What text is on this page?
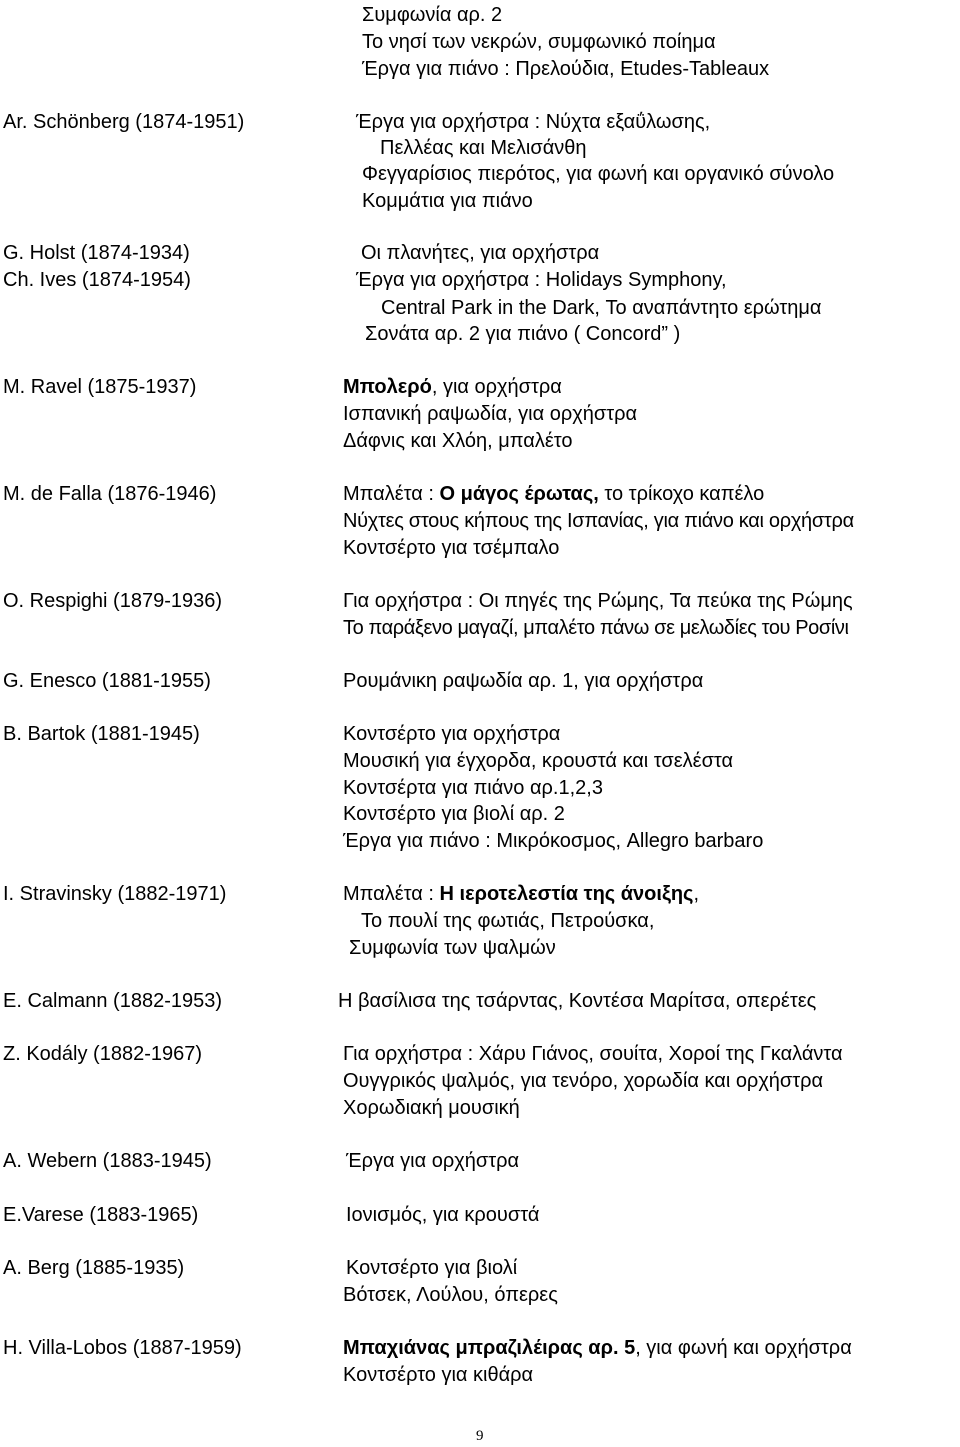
Συμφωνία αρ. 2
Το νησί των νεκρών, συμφωνικό ποίημα
Έργα για πιάνο : Πρελούδια, Etudes-Tableaux
Ar. Schönberg (1874-1951)	Έργα για ορχήστρα : Νύχτα εξαΰλωσης,
Πελλέας και Μελισάνθη
Φεγγαρίσιος πιερότος, για φωνή και οργανικό σύνολο
Κομμάτια για πιάνο
G. Holst (1874-1934)	Οι πλανήτες, για ορχήστρα
Ch. Ives (1874-1954)	Έργα για ορχήστρα : Holidays Symphony,
Central Park in the Dark, Το αναπάντητο ερώτημα
Σονάτα αρ. 2 για πιάνο ( Concord” )
M. Ravel (1875-1937)	Μπολερό, για ορχήστρα
Ισπανική ραψωδία, για ορχήστρα
Δάφνις και Χλόη, μπαλέτο
M. de Falla (1876-1946)	Μπαλέτα : Ο μάγος έρωτας, το τρίκοχο καπέλο
Νύχτες στους κήπους της Ισπανίας, για πιάνο και ορχήστρα
Κοντσέρτο για τσέμπαλο
O. Respighi (1879-1936)	Για ορχήστρα : Οι πηγές της Ρώμης, Τα πεύκα της Ρώμης
Το παράξενο μαγαζί, μπαλέτο πάνω σε μελωδίες του Ροσίνι
G. Enesco (1881-1955)	Ρουμάνικη ραψωδία αρ. 1, για ορχήστρα
B. Bartok (1881-1945)	Κοντσέρτο για ορχήστρα
Μουσική για έγχορδα, κρουστά και τσελέστα
Κοντσέρτα για πιάνο αρ.1,2,3
Κοντσέρτο για βιολί αρ. 2
Έργα για πιάνο : Μικρόκοσμος, Allegro barbaro
I. Stravinsky (1882-1971)	Μπαλέτα : Η ιεροτελεστία της άνοιξης,
Το πουλί της φωτιάς, Πετρούσκα,
Συμφωνία των ψαλμών
E. Calmann (1882-1953)	Η βασίλισα της τσάρντας, Κοντέσα Μαρίτσα, οπερέτες
Z. Kodály (1882-1967)	Για ορχήστρα : Χάρυ Γιάνος, σουίτα, Χοροί της Γκαλάντα
Ουγγρικός ψαλμός, για τενόρο, χορωδία και ορχήστρα
Χορωδιακή μουσική
A. Webern (1883-1945)	Έργα για ορχήστρα
E.Varese (1883-1965)	Ιονισμός, για κρουστά
A. Berg (1885-1935)	Κοντσέρτο για βιολί
Βότσεκ, Λούλου, όπερες
H. Villa-Lobos (1887-1959)	Μπαχιάνας μπραζιλέιρας αρ. 5, για φωνή και ορχήστρα
Κοντσέρτο για κιθάρα
9
